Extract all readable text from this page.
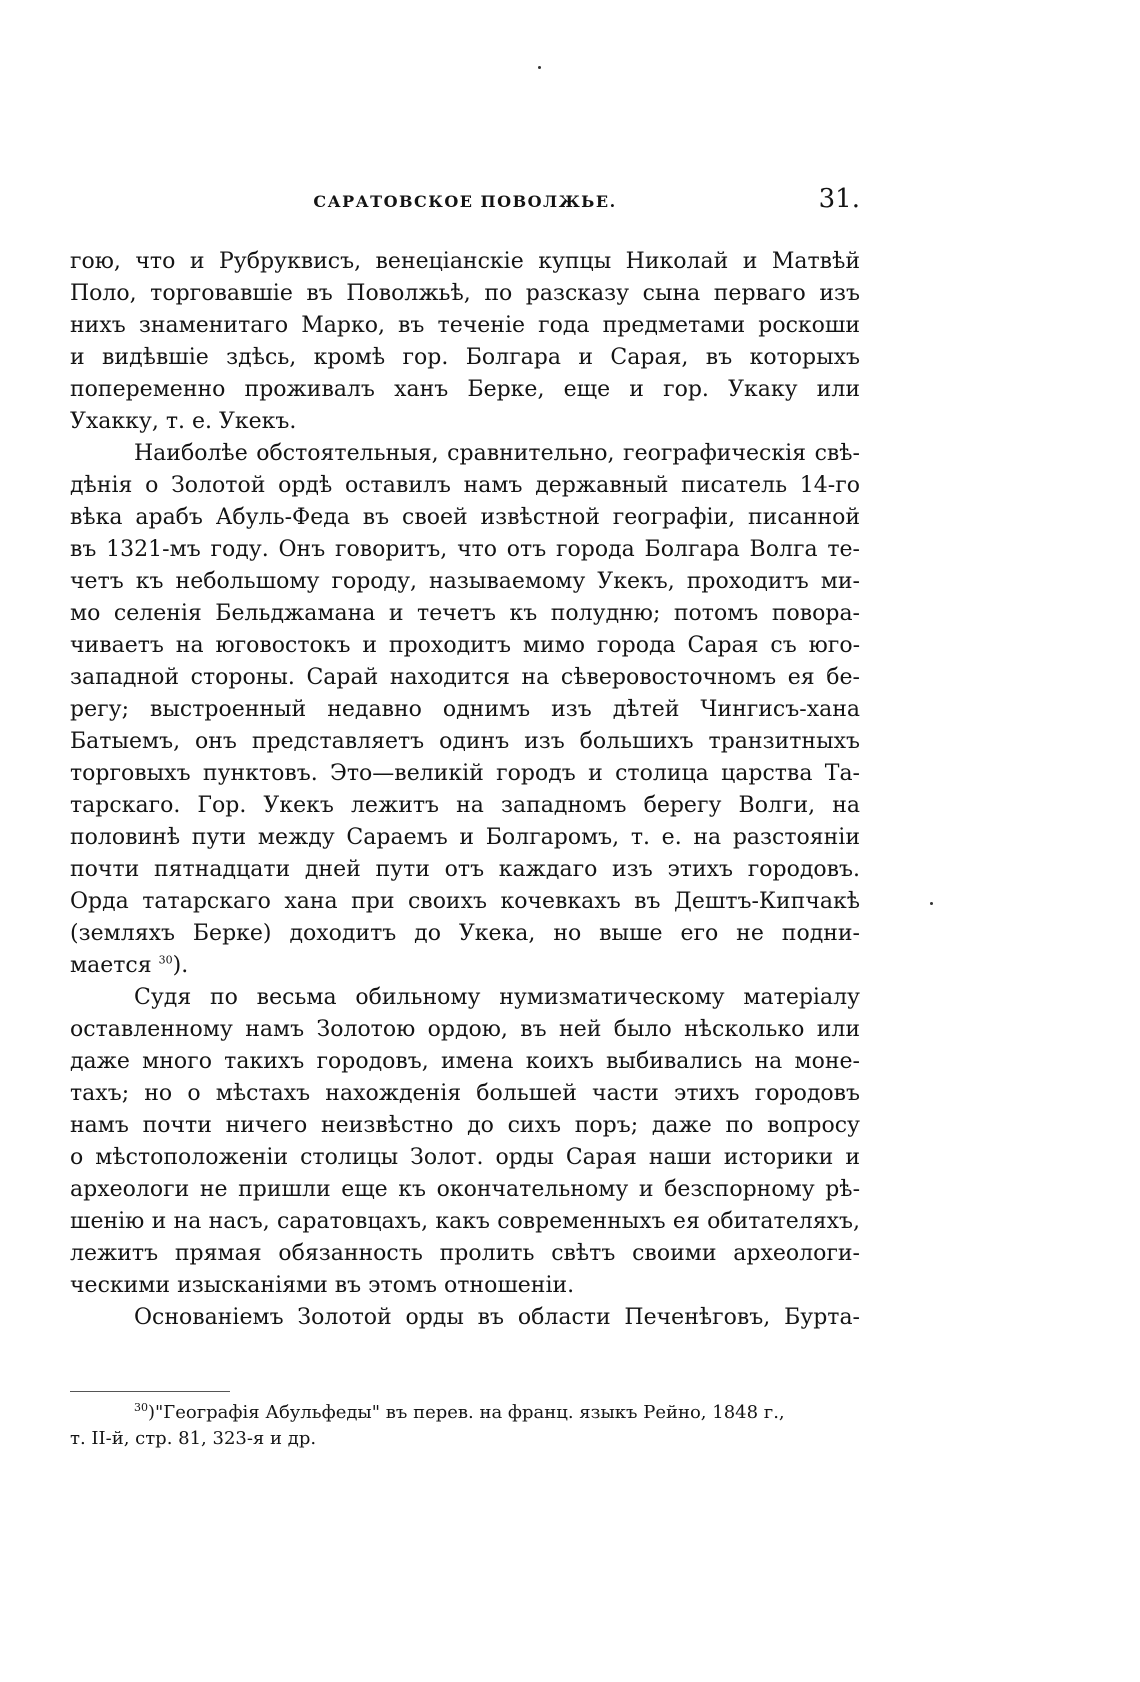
САРАТОВСКОЕ ПОВОЛЖЬЕ.	31.
гою, что и Рубруквисъ, венеціанскіе купцы Николай и Матвѣй
Поло, торговавшіе въ Поволжьѣ, по разсказу сына перваго изъ
нихъ знаменитаго Марко, въ теченіе года предметами роскоши
и видѣвшіе здѣсь, кромѣ гор. Болгара и Сарая, въ которыхъ
попеременно проживалъ ханъ Берке, еще и гор. Укаку или
Ухакку, т. е. Укекъ.
Наиболѣе обстоятельныя, сравнительно, географическія свѣ-
дѣнія о Золотой ордѣ оставилъ намъ державный писатель 14-го
вѣка арабъ Абуль-Феда въ своей извѣстной географіи, писанной
въ 1321-мъ году. Онъ говоритъ, что отъ города Болгара Волга те-
четъ къ небольшому городу, называемому Укекъ, проходитъ ми-
мо селенія Бельджамана и течетъ къ полудню; потомъ повора-
чиваетъ на юговостокъ и проходитъ мимо города Сарая съ юго-
западной стороны. Сарай находится на сѣверовосточномъ ея бе-
регу; выстроенный недавно однимъ изъ дѣтей Чингисъ-хана
Батыемъ, онъ представляетъ одинъ изъ большихъ транзитныхъ
торговыхъ пунктовъ. Это—великій городъ и столица царства Та-
тарскаго. Гор. Укекъ лежитъ на западномъ берегу Волги, на
половинѣ пути между Сараемъ и Болгаромъ, т. е. на разстояніи
почти пятнадцати дней пути отъ каждаго изъ этихъ городовъ.
Орда татарскаго хана при своихъ кочевкахъ въ Дештъ-Кипчакѣ
(земляхъ Берке) доходитъ до Укека, но выше его не подни-
мается $^{30}$).
Судя по весьма обильному нумизматическому матеріалу
оставленному намъ Золотою ордою, въ ней было нѣсколько или
даже много такихъ городовъ, имена коихъ выбивались на моне-
тахъ; но о мѣстахъ нахожденія большей части этихъ городовъ
намъ почти ничего неизвѣстно до сихъ поръ; даже по вопросу
о мѣстоположеніи столицы Золот. орды Сарая наши историки и
археологи не пришли еще къ окончательному и безспорному рѣ-
шенію и на насъ, саратовцахъ, какъ современныхъ ея обитателяхъ,
лежитъ прямая обязанность пролить свѣтъ своими археологи-
ческими изысканіями въ этомъ отношеніи.
Основаніемъ Золотой орды въ области Печенѣговъ, Бурта-
$^{30}$)"Географія Абульфеды" въ перев. на франц. языкъ Рейно, 1848 г.,
т. II-й, стр. 81, 323-я и др.
